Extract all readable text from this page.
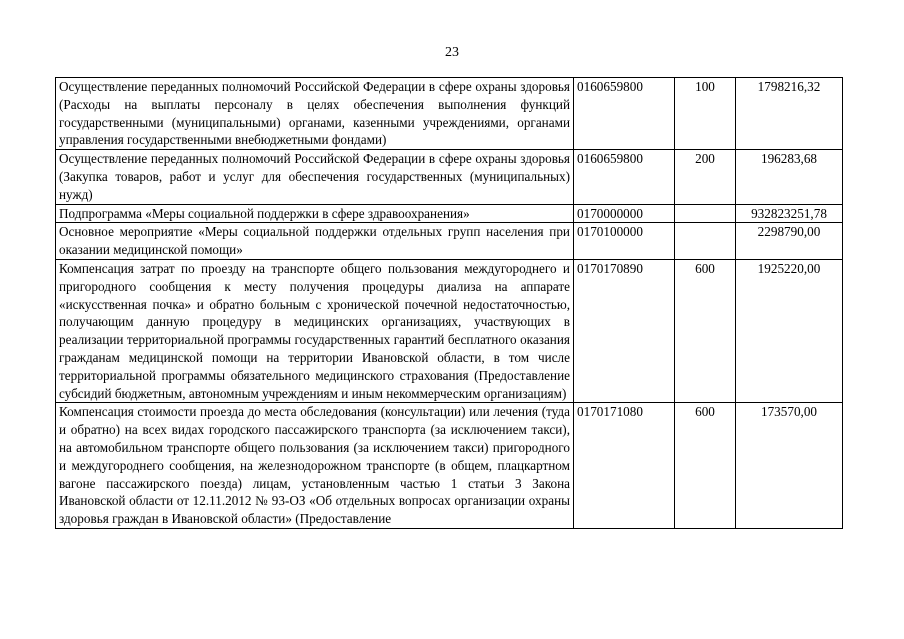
23
Осуществление переданных полномочий Российской Федерации в сфере охраны здоровья (Расходы на выплаты персоналу в целях обеспечения выполнения функций государственными (муниципальными) органами, казенными учреждениями, органами управления государственными внебюджетными фондами)	0160659800	100	1798216,32
Осуществление переданных полномочий Российской Федерации в сфере охраны здоровья (Закупка товаров, работ и услуг для обеспечения государственных (муниципальных) нужд)	0160659800	200	196283,68
Подпрограмма «Меры социальной поддержки в сфере здравоохранения»	0170000000		932823251,78
Основное мероприятие «Меры социальной поддержки отдельных групп населения при оказании медицинской помощи»	0170100000		2298790,00
Компенсация затрат по проезду на транспорте общего пользования междугороднего и пригородного сообщения к месту получения процедуры диализа на аппарате «искусственная почка» и обратно больным с хронической почечной недостаточностью, получающим данную процедуру в медицинских организациях, участвующих в реализации территориальной программы государственных гарантий бесплатного оказания гражданам медицинской помощи на территории Ивановской области, в том числе территориальной программы обязательного медицинского страхования (Предоставление субсидий бюджетным, автономным учреждениям и иным некоммерческим организациям)	0170170890	600	1925220,00
Компенсация стоимости проезда до места обследования (консультации) или лечения (туда и обратно) на всех видах городского пассажирского транспорта (за исключением такси), на автомобильном транспорте общего пользования (за исключением такси) пригородного и междугороднего сообщения, на железнодорожном транспорте (в общем, плацкартном вагоне пассажирского поезда) лицам, установленным частью 1 статьи 3 Закона Ивановской области от 12.11.2012 № 93-ОЗ «Об отдельных вопросах организации охраны здоровья граждан в Ивановской области» (Предоставление	0170171080	600	173570,00
